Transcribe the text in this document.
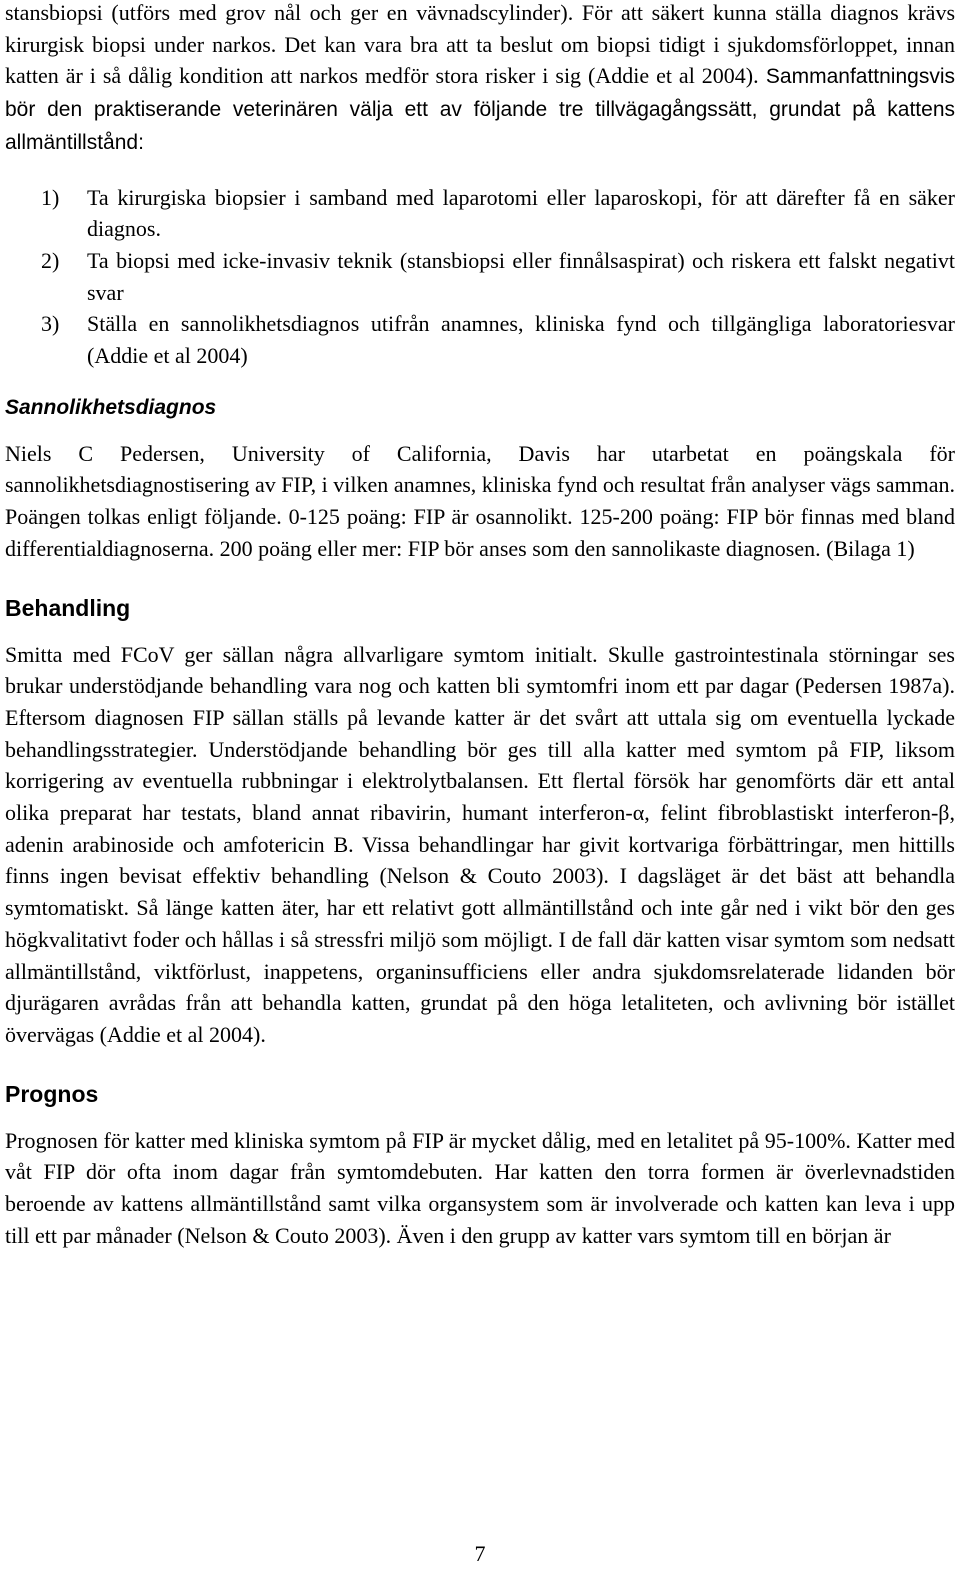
stansbiopsi (utförs med grov nål och ger en vävnadscylinder). För att säkert kunna ställa diagnos krävs kirurgisk biopsi under narkos. Det kan vara bra att ta beslut om biopsi tidigt i sjukdomsförloppet, innan katten är i så dålig kondition att narkos medför stora risker i sig (Addie et al 2004). Sammanfattningsvis bör den praktiserande veterinären välja ett av följande tre tillvägagångssätt, grundat på kattens allmäntillstånd:

1) Ta kirurgiska biopsier i samband med laparotomi eller laparoskopi, för att därefter få en säker diagnos.
2) Ta biopsi med icke-invasiv teknik (stansbiopsi eller finnålsaspirat) och riskera ett falskt negativt svar
3) Ställa en sannolikhetsdiagnos utifrån anamnes, kliniska fynd och tillgängliga laboratoriesvar (Addie et al 2004)
Sannolikhetsdiagnos

Niels C Pedersen, University of California, Davis har utarbetat en poängskala för sannolikhetsdiagnostisering av FIP, i vilken anamnes, kliniska fynd och resultat från analyser vägs samman. Poängen tolkas enligt följande. 0-125 poäng: FIP är osannolikt. 125-200 poäng: FIP bör finnas med bland differentialdiagnoserna. 200 poäng eller mer: FIP bör anses som den sannolikaste diagnosen. (Bilaga 1)

Behandling

Smitta med FCoV ger sällan några allvarligare symtom initialt. Skulle gastrointestinala störningar ses brukar understödjande behandling vara nog och katten bli symtomfri inom ett par dagar (Pedersen 1987a). Eftersom diagnosen FIP sällan ställs på levande katter är det svårt att uttala sig om eventuella lyckade behandlingsstrategier. Understödjande behandling bör ges till alla katter med symtom på FIP, liksom korrigering av eventuella rubbningar i elektrolytbalansen. Ett flertal försök har genomförts där ett antal olika preparat har testats, bland annat ribavirin, humant interferon-α, felint fibroblastiskt interferon-β, adenin arabinoside och amfotericin B. Vissa behandlingar har givit kortvariga förbättringar, men hittills finns ingen bevisat effektiv behandling (Nelson & Couto 2003). I dagsläget är det bäst att behandla symtomatiskt. Så länge katten äter, har ett relativt gott allmäntillstånd och inte går ned i vikt bör den ges högkvalitativt foder och hållas i så stressfri miljö som möjligt. I de fall där katten visar symtom som nedsatt allmäntillstånd, viktförlust, inappetens, organinsufficiens eller andra sjukdomsrelaterade lidanden bör djurägaren avrådas från att behandla katten, grundat på den höga letaliteten, och avlivning bör istället övervägas (Addie et al 2004).

Prognos

Prognosen för katter med kliniska symtom på FIP är mycket dålig, med en letalitet på 95-100%. Katter med våt FIP dör ofta inom dagar från symtomdebuten. Har katten den torra formen är överlevnadstiden beroende av kattens allmäntillstånd samt vilka organsystem som är involverade och katten kan leva i upp till ett par månader (Nelson & Couto 2003). Även i den grupp av katter vars symtom till en början är

7
